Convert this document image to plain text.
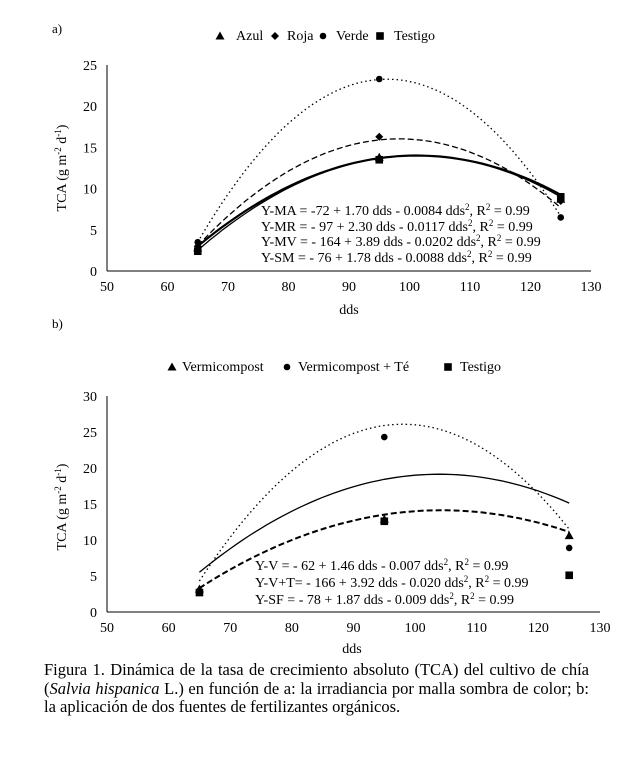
a)
50	60	70	80	90	100	110	120	130
0
5
10
15
20
25
dds
TCA (g $m^{-2}$ $d^{-1}$)
Azul Roja Verde Testigo
Y-MA = -72 + 1.70 dds - 0.0084 dds$^2$, $R^2 = 0.99$
Y-MR = - 97 + 2.30 dds - 0.0117 dds$^2$, $R^2 = 0.99$
Y-MV = - 164 + 3.89 dds - 0.0202 dds$^2$, $R^2 = 0.99$
Y-SM = - 76 + 1.78 dds - 0.0088 dds$^2$, $R^2 = 0.99$
b)
50	60	70	80	90	100	110	120	130
0
5
10
15
20
25
30
dds
TCA (g $m^{-2}$ $d^{-1}$)
Vermicompost Vermicompost + Té	Testigo
Y-V = - 62 + 1.46 dds - 0.007 dds$^2$, $R^2 = 0.99$
Y-V+T= - 166 + 3.92 dds - 0.020 dds$^2$, $R^2 = 0.99$
Y-SF = - 78 + 1.87 dds - 0.009 dds$^2$, $R^2 = 0.99$
Figura 1. Dinámica de la tasa de crecimiento absoluto (TCA) del cultivo de chía (Salvia hispanica L.) en función de a: la irradiancia por malla sombra de color; b: la aplicación de dos fuentes de fertilizantes orgánicos.
